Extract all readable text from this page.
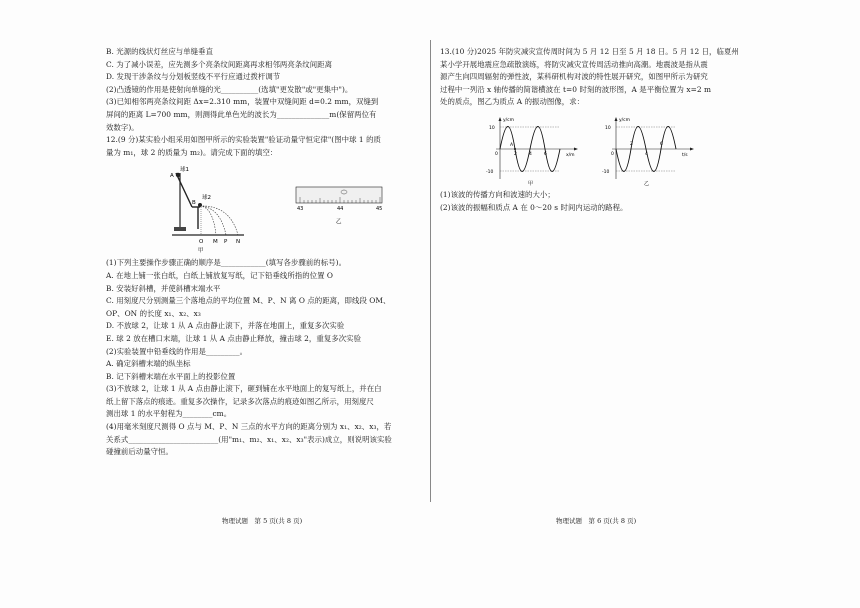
B. 光源的线状灯丝应与单缝垂直
C. 为了减小误差，应先测多个亮条纹间距离再求相邻两亮条纹间距离
D. 发现干涉条纹与分划板竖线不平行应通过拨杆调节
(2)凸透镜的作用是使射向单缝的光__________(选填"更发散"或"更集中")。
(3)已知相邻两亮条纹间距 Δx=2.310 mm，装置中双缝间距 d=0.2 mm，双缝到
屏间的距离 L=700 mm，则测得此单色光的波长为______________m(保留两位有
效数字)。
12.(9 分)某实验小组采用如图甲所示的实验装置"验证动量守恒定律"(图中球 1 的质
量为 m₁，球 2 的质量为 m₂)。请完成下面的填空：
球1
球2
A
B
O M P N
甲
43	44	45
乙
(1)下列主要操作步骤正确的顺序是____________(填写各步骤前的标号)。
A. 在地上铺一张白纸，白纸上铺放复写纸，记下铅垂线所指的位置 O
B. 安装好斜槽，并使斜槽末端水平
C. 用刻度尺分别测量三个落地点的平均位置 M、P、N 离 O 点的距离，即线段 OM、
OP、ON 的长度 x₁、x₂、x₃
D. 不放球 2，让球 1 从 A 点由静止滚下，并落在地面上，重复多次实验
E. 球 2 放在槽口末端，让球 1 从 A 点由静止释放，撞击球 2，重复多次实验
(2)实验装置中铅垂线的作用是_________。
A. 确定斜槽末端的纵坐标
B. 记下斜槽末端在水平面上的投影位置
(3)不放球 2，让球 1 从 A 点由静止滚下，砸到铺在水平地面上的复写纸上，并在白
纸上留下落点的痕迹。重复多次操作，记录多次落点的痕迹如图乙所示，用刻度尺
测出球 1 的水平射程为________cm。
(4)用毫米刻度尺测得 O 点与 M、P、N 三点的水平方向的距离分别为 x₁、x₂、x₃，若
关系式________________________(用"m₁、m₂、x₁、x₂、x₃"表示)成立，则说明该实验
碰撞前后动量守恒。
13.(10 分)2025 年防灾减灾宣传周时间为 5 月 12 日至 5 月 18 日。5 月 12 日，临夏州
某小学开展地震应急疏散演练，将防灾减灾宣传周活动推向高潮。地震波是指从震
源产生向四周辐射的弹性波，某科研机构对波的特性展开研究，如图甲所示为研究
过程中一列沿 x 轴传播的简谐横波在 t=0 时刻的波形图，A 是平衡位置为 x=2 m
处的质点，图乙为质点 A 的振动图像，求：
y/cm
x/m
10
-10
0	2	4	6
A
甲
y/cm
t/s
10
-10
0
2
4
6
乙
(1)该波的传播方向和波速的大小；
(2)该波的振幅和质点 A 在 0～20 s 时间内运动的路程。
物理试题　第 5 页(共 8 页)	物理试题　第 6 页(共 8 页)
